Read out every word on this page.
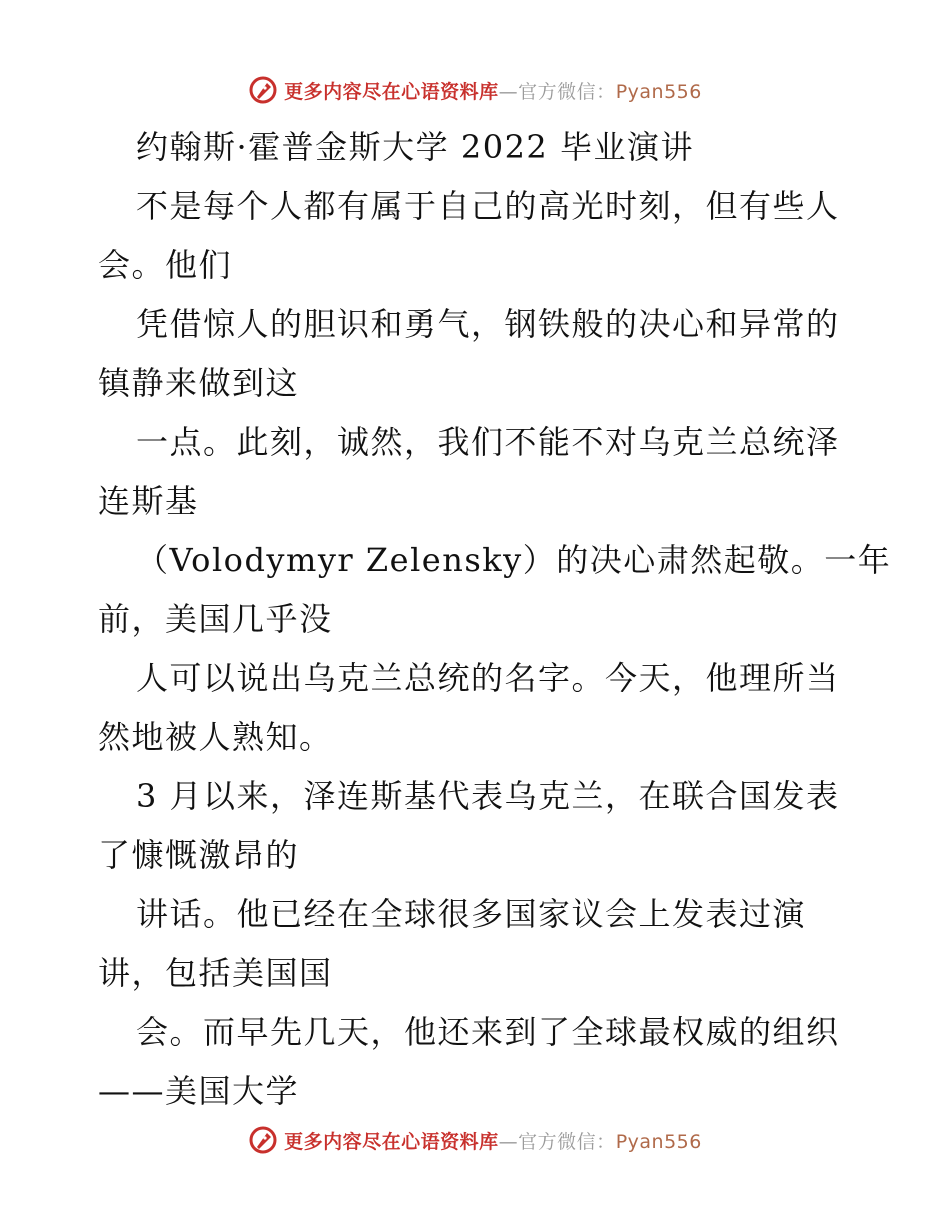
更多内容尽在心语资料库—官方微信：Pyan556
约翰斯·霍普金斯大学 2022 毕业演讲
不是每个人都有属于自己的高光时刻，但有些人
会。他们
凭借惊人的胆识和勇气，钢铁般的决心和异常的
镇静来做到这
一点。此刻，诚然，我们不能不对乌克兰总统泽
连斯基
（Volodymyr Zelensky）的决心肃然起敬。一年
前，美国几乎没
人可以说出乌克兰总统的名字。今天，他理所当
然地被人熟知。
3 月以来，泽连斯基代表乌克兰，在联合国发表
了慷慨激昂的
讲话。他已经在全球很多国家议会上发表过演
讲，包括美国国
会。而早先几天，他还来到了全球最权威的组织
——美国大学
更多内容尽在心语资料库—官方微信：Pyan556
